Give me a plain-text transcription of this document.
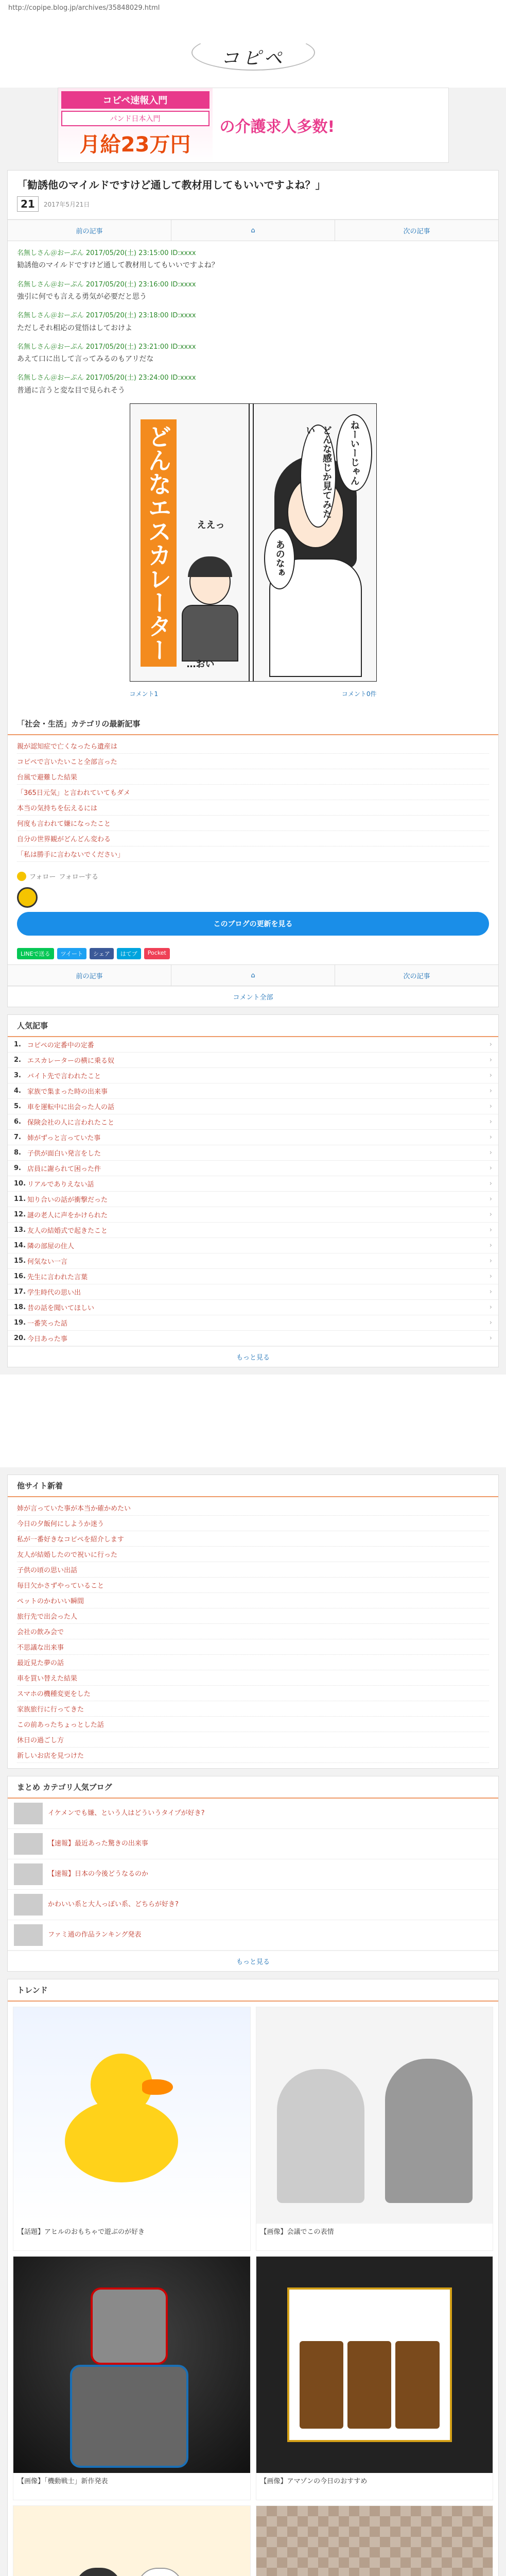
http://copipe.blog.jp/archives/35848029.html
コピペ
コピペ速報入門
パンド日本入門
月給23万円
の介護求人多数!
「勧誘他のマイルドですけど通して教材用してもいいですよね？」
21 2017年5月21日
前の記事	⌂	次の記事
名無しさん＠おーぷん 2017/05/20(土) 23:15:00 ID:xxxx
勧誘他のマイルドですけど通して教材用してもいいですよね？
名無しさん＠おーぷん 2017/05/20(土) 23:16:00 ID:xxxx
強引に何でも言える勇気が必要だと思う
名無しさん＠おーぷん 2017/05/20(土) 23:18:00 ID:xxxx
ただしそれ相応の覚悟はしておけよ
名無しさん＠おーぷん 2017/05/20(土) 23:21:00 ID:xxxx
あえて口に出して言ってみるのもアリだな
名無しさん＠おーぷん 2017/05/20(土) 23:24:00 ID:xxxx
普通に言うと変な目で見られそう
どんなエスカレーター	ええっ
…おい
ねーいーじゃん
どんな感じか見てみたい
あのなぁ
コメント1	コメント0件
「社会・生活」カテゴリの最新記事
親が認知症で亡くなったら遺産は
コピペで言いたいこと全部言った
台風で避難した結果
「365日元気」と言われていてもダメ
本当の気持ちを伝えるには
何度も言われて嫌になったこと
自分の世界観がどんどん変わる
「私は勝手に言わないでください」
フォロー フォローする
このブログの更新を見る
LINEで送る	ツイート	シェア	はてブ	Pocket
前の記事	⌂	次の記事
コメント全部
人気記事
1. コピペの定番中の定番	›
2. エスカレーターの横に乗る奴	›
3. バイト先で言われたこと	›
4. 家族で集まった時の出来事	›
5. 車を運転中に出会った人の話	›
6. 保険会社の人に言われたこと	›
7. 姉がずっと言っていた事	›
8. 子供が面白い発言をした	›
9. 店員に謝られて困った件	›
10. リアルでありえない話	›
11. 知り合いの話が衝撃だった	›
12. 謎の老人に声をかけられた	›
13. 友人の結婚式で起きたこと	›
14. 隣の部屋の住人	›
15. 何気ない一言	›
16. 先生に言われた言葉	›
17. 学生時代の思い出	›
18. 昔の話を聞いてほしい	›
19. 一番笑った話	›
20. 今日あった事	›
もっと見る
他サイト新着
姉が言っていた事が本当か確かめたい
今日の夕飯何にしようか迷う
私が一番好きなコピペを紹介します
友人が結婚したので祝いに行った
子供の頃の思い出話
毎日欠かさずやっていること
ペットのかわいい瞬間
旅行先で出会った人
会社の飲み会で
不思議な出来事
最近見た夢の話
車を買い替えた結果
スマホの機種変更をした
家族旅行に行ってきた
この前あったちょっとした話
休日の過ごし方
新しいお店を見つけた
まとめ カテゴリ人気ブログ
イケメンでも嫌、という人はどういうタイプが好き?
【速報】最近あった驚きの出来事
【速報】日本の今後どうなるのか
かわいい系と大人っぽい系、どちらが好き?
ファミ通の作品ランキング発表
もっと見る
トレンド
【話題】アヒルのおもちゃで遊ぶのが好き	【画像】会議でこの表情
【画像】「機動戦士」新作発表	【画像】アマゾンの今日のおすすめ
